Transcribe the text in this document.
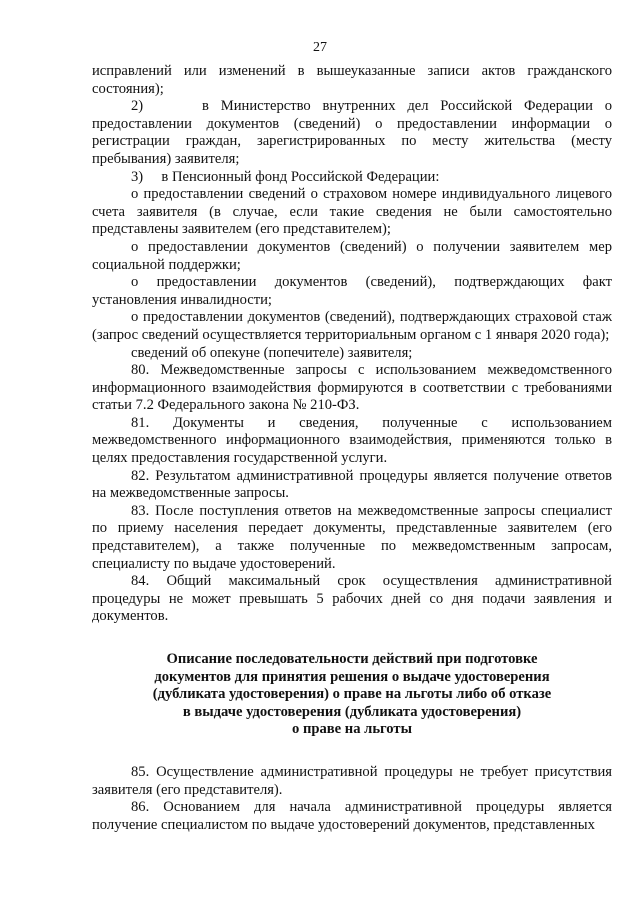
27

исправлений или изменений в вышеуказанные записи актов гражданского состояния);

2)     в Министерство внутренних дел Российской Федерации о предоставлении документов (сведений) о предоставлении информации о регистрации граждан, зарегистрированных по месту жительства (месту пребывания) заявителя;

3)     в Пенсионный фонд Российской Федерации:

о предоставлении сведений о страховом номере индивидуального лицевого счета заявителя (в случае, если такие сведения не были самостоятельно представлены заявителем (его представителем);

о предоставлении документов (сведений) о получении заявителем мер социальной поддержки;

о предоставлении документов (сведений), подтверждающих факт установления инвалидности;

о предоставлении документов (сведений), подтверждающих страховой стаж (запрос сведений осуществляется территориальным органом с 1 января 2020 года);

сведений об опекуне (попечителе) заявителя;

80. Межведомственные запросы с использованием межведомственного информационного взаимодействия формируются в соответствии с требованиями статьи 7.2 Федерального закона № 210-ФЗ.

81. Документы и сведения, полученные с использованием межведомственного информационного взаимодействия, применяются только в целях предоставления государственной услуги.

82. Результатом административной процедуры является получение ответов на межведомственные запросы.

83. После поступления ответов на межведомственные запросы специалист по приему населения передает документы, представленные заявителем (его представителем), а также полученные по межведомственным запросам, специалисту по выдаче удостоверений.

84. Общий максимальный срок осуществления административной процедуры не может превышать 5 рабочих дней со дня подачи заявления и документов.

Описание последовательности действий при подготовке
документов для принятия решения о выдаче удостоверения
(дубликата удостоверения) о праве на льготы либо об отказе
в выдаче удостоверения (дубликата удостоверения)
о праве на льготы

85. Осуществление административной процедуры не требует присутствия заявителя (его представителя).

86. Основанием для начала административной процедуры является получение специалистом по выдаче удостоверений документов, представленных
